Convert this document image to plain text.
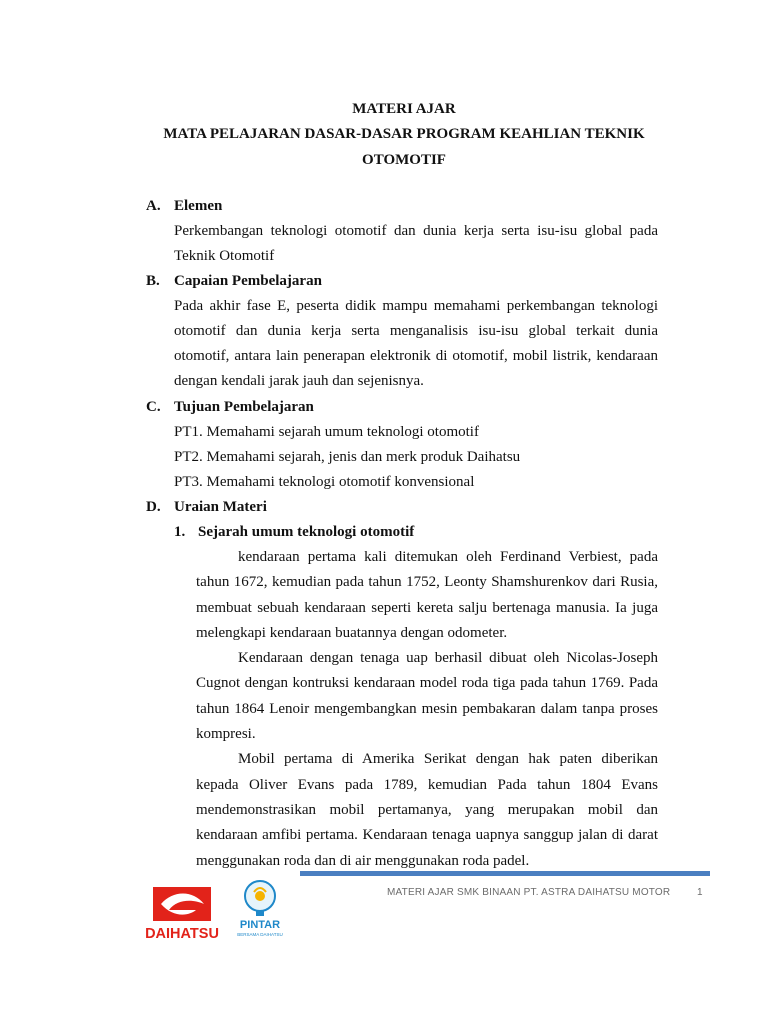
MATERI AJAR
MATA PELAJARAN DASAR-DASAR PROGRAM KEAHLIAN TEKNIK
OTOMOTIF
A. Elemen
Perkembangan teknologi otomotif dan dunia kerja serta isu-isu global pada Teknik Otomotif
B. Capaian Pembelajaran
Pada akhir fase E, peserta didik mampu memahami perkembangan teknologi otomotif dan dunia kerja serta menganalisis isu-isu global terkait dunia otomotif, antara lain penerapan elektronik di otomotif, mobil listrik, kendaraan dengan kendali jarak jauh dan sejenisnya.
C. Tujuan Pembelajaran
PT1. Memahami sejarah umum teknologi otomotif
PT2. Memahami sejarah, jenis dan merk produk Daihatsu
PT3. Memahami teknologi otomotif konvensional
D. Uraian Materi
1. Sejarah umum teknologi otomotif

kendaraan pertama kali ditemukan oleh Ferdinand Verbiest, pada tahun 1672, kemudian pada tahun 1752, Leonty Shamshurenkov dari Rusia, membuat sebuah kendaraan seperti kereta salju bertenaga manusia. Ia juga melengkapi kendaraan buatannya dengan odometer.

Kendaraan dengan tenaga uap berhasil dibuat oleh Nicolas-Joseph Cugnot dengan kontruksi kendaraan model roda tiga pada tahun 1769. Pada tahun 1864 Lenoir mengembangkan mesin pembakaran dalam tanpa proses kompresi.

Mobil pertama di Amerika Serikat dengan hak paten diberikan kepada Oliver Evans pada 1789, kemudian Pada tahun 1804 Evans mendemonstrasikan mobil pertamanya, yang merupakan mobil dan kendaraan amfibi pertama. Kendaraan tenaga uapnya sanggup jalan di darat menggunakan roda dan di air menggunakan roda padel.

MATERI AJAR SMK BINAAN PT. ASTRA DAIHATSU MOTOR	1
DAIHATSU
PINTAR
BERSAMA DAIHATSU
